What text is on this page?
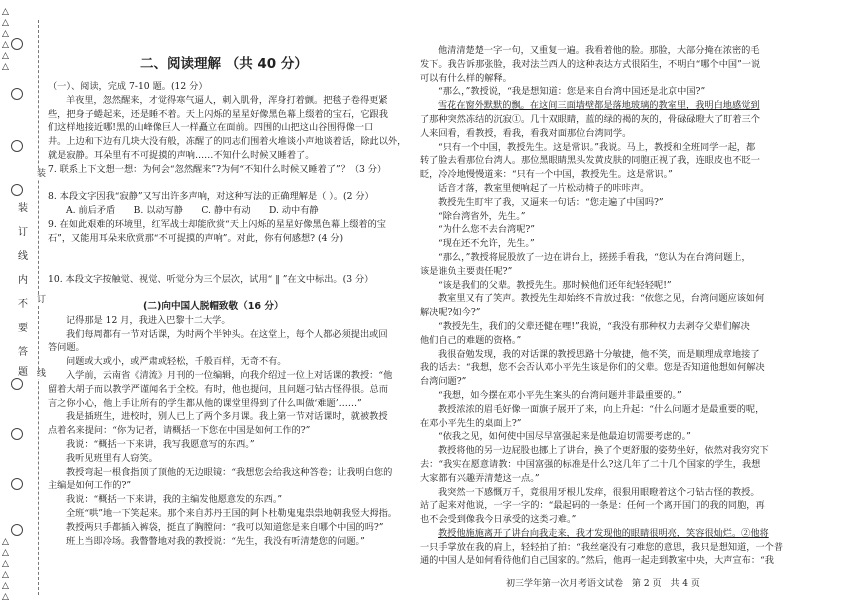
△
△
△
△
△
△
△
△
△
△
△
△
装
订
线
内
不
要
答
题
装
订
线
二、阅读理解 （共 40 分）

（一）、阅读，完成 7-10 题。(12 分）

羊夜里，忽然醒来，才觉得寒气逼人，刺入肌骨，浑身打着颤。把毯子卷得更紧

些，把身子蜷起来，还是睡不着。天上闪烁的星星好像黑色幕上缀着的宝石，它跟我

们这样地接近哪!黑的山峰像巨人一样矗立在面前。四围的山把这山谷围得像一口

井。上边和下边有几块大没有般，冻醒了的同志们围着火堆谈小声地谈着话，除此以外，

就是寂静。耳朵里有不可捉摸的声响……不知什么时候又睡着了。

7. 联系上下文想一想：为何会“忽然醒来”?为何“不知什么时候又睡着了”？（3 分）

8. 本段文字因我“寂静”又写出许多声响，对这种写法的正确理解是（ ）。(2 分）

A. 前后矛盾　　B. 以动写静　　C. 静中有动　　D. 动中有静

9. 在如此艰难的环境里，红军战士却能欣赏“天上闪烁的星星好像黑色幕上缀着的宝

石”，又能用耳朵来欣赏那“不可捉摸的声响”。对此，你有何感想? (4 分)

10. 本段文字按触觉、视觉、听觉分为三个层次，试用“ ‖ ”在文中标出。(3 分）

(二)向中国人脱帽致敬（16 分）

记得那是 12 月，我进入巴黎十二大学。

我们每周都有一节对话课，为时两个半钟头。在这堂上，每个人都必须提出或回

答问题。

问题或大或小，或严肃或轻松，千般百样，无奇不有。

入学前，云南省《清流》月刊的一位编辑，向我介绍过一位上对话课的教授：“他

留着大胡子而以教学严谨闻名于全校。有时，他也提问，且问题刁钻古怪得很。总而

言之你小心，他上手让所有的学生都从他的课堂里得到了什么叫做‘难题’……”

我是插班生，进校时，别人已上了两个多月课。我上第一节对话课时，就被教授

点着名来提问：“你为记者，请概括一下您在中国是如何工作的?”

我说：“概括一下来讲，我写我愿意写的东西。”

我听见班里有人窃笑。

教授弯起一根食指顶了顶他的无边眼镜：“我想您会给我这种答卷；让我明白您的

主编是如何工作的?”

我说：“概括一下来讲，我的主编发他愿意发的东西。”

全班“哄”地一下笑起来。那个来自苏丹王国的阿卜杜勒鬼鬼祟祟地朝我竖大拇指。

教授两只手都插入裤袋，挺直了胸膛问：“我可以知道您是来自哪个中国的吗?”

班上当即冷场。我瞥瞥地对我的教授说：“先生，我没有听清楚您的问题。”

他清清楚楚一字一句，又重复一遍。我看着他的脸。那脸，大部分掩在浓密的毛

发下。我告诉那张脸，我对法兰西人的这种表达方式很陌生，不明白“哪个中国”一说

可以有什么样的解释。

“那么，”教授说，“我是想知道：您是来自台湾中国还是北京中国?”

雪花在窗外默默的飘。在这间三面墙壁都是落地玻璃的教室里，我明白地感觉到

了那种突然冻结的沉寂①。几十双眼睛，蓝的绿的褐的灰的，骨碌碌瞪大了盯着三个

人来回看，看教授，看我，看我对面那位台湾同学。

“只有一个中国，教授先生。这是常识。”我说。马上，教授和全班同学一起，都

转了脸去看那位台湾人。那位黑眼睛黑头发黄皮肤的同胞正视了我，连眼皮也不眨一

眨，冷冷地慢慢道来：“只有一个中国，教授先生。这是常识。”

话音才落，教室里便响起了一片松动椅子的咔咔声。

教授先生盯牢了我，又逼来一句话：“您走遍了中国吗?”

“除台湾省外，先生。”

“为什么您不去台湾呢?”

“现在还不允许，先生。”

“那么，”教授将屁股放了一边在讲台上，搓搓手看我，“您认为在台湾问题上，

该是谁负主要责任呢?”

“该是我们的父辈。教授先生。那时候他们还年纪轻轻呢!”

教室里又有了笑声。教授先生却始终不肯放过我：“依您之见，台湾问题应该如何

解决呢?如今?”

“教授先生，我们的父辈还健在哩!”我说，“我没有那种权力去剥夺父辈们解决

他们自己的难题的资格。”

我很奋勉发现，我的对话课的教授思路十分敏捷，他不笑，而是顺理成章地接了

我的话去：“我想，您不会否认邓小平先生该是你们的父辈。您是否知道他想如何解决

台湾问题?”

“我想，如今摆在邓小平先生案头的台湾问题并非最重要的。”

教授浓浓的眉毛好像一面旗子展开了来，向上升起：“什么问题才是最重要的呢，

在邓小平先生的桌面上?”

“依我之见，如何使中国尽早富强起来是他最迫切需要考虑的。”

教授将他的另一边屁股也挪上了讲台，换了个更舒服的姿势坐好，依然对我穷究下

去：“我实在愿意请教：中国富强的标准是什么?这几年了二十几个国家的学生，我想

大家都有兴趣弄清楚这一点。”

我突然一下感慨万千，竟很用牙根儿发痒，很狠用眼瞪着这个刁钻古怪的教授。

站了起来对他说，一字一字的：“最起码的一条是：任何一个离开国门的我的同胞，再

也不会受到像我今日承受的这类刁难。”

教授他施施离开了讲台向我走来，我才发现他的眼睛很明亮，笑容很灿烂。②他将

一只手掌放在我的肩上，轻轻拍了拍：“我丝毫没有刁难您的意思，我只是想知道，一个普

通的中国人是如何看待他们自己国家的。”然后，他再一起走到教室中央，大声宣布：“我

初三学年第一次月考语文试卷　第 2 页　共 4 页
